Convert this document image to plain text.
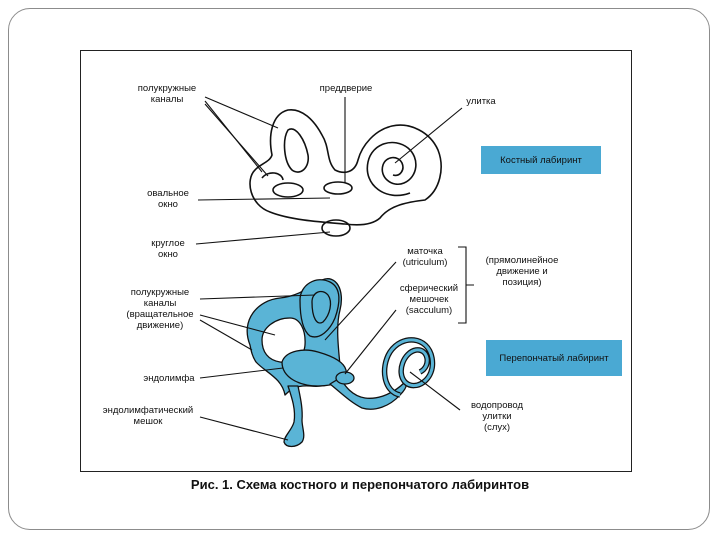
полукружные
каналы
преддверие
улитка
овальное
окно
круглое
окно
Костный лабиринт
полукружные
каналы
(вращательное
движение)
эндолимфа
эндолимфатический
мешок
маточка
(utriculum)
сферический
мешочек
(sacculum)
(прямолинейное
движение и
позиция)
водопровод
улитки
(слух)
Перепончатый лабиринт
Рис. 1. Схема костного и перепончатого лабиринтов
